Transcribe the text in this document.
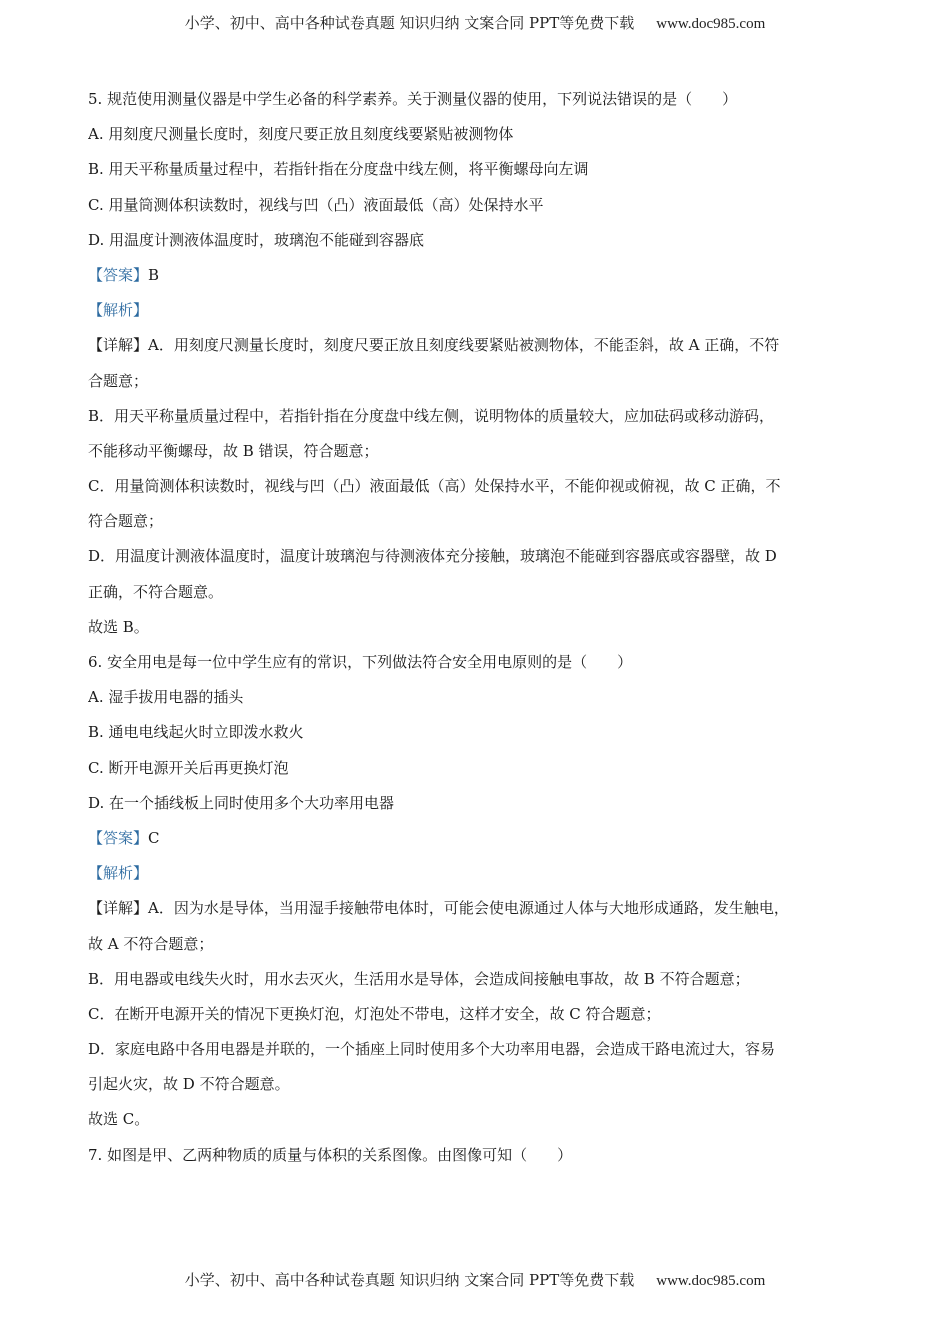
小学、初中、高中各种试卷真题 知识归纳 文案合同 PPT等免费下载 www.doc985.com
5. 规范使用测量仪器是中学生必备的科学素养。关于测量仪器的使用，下列说法错误的是（　　）
A. 用刻度尺测量长度时，刻度尺要正放且刻度线要紧贴被测物体
B. 用天平称量质量过程中，若指针指在分度盘中线左侧，将平衡螺母向左调
C. 用量筒测体积读数时，视线与凹（凸）液面最低（高）处保持水平
D. 用温度计测液体温度时，玻璃泡不能碰到容器底
【答案】B
【解析】
【详解】A．用刻度尺测量长度时，刻度尺要正放且刻度线要紧贴被测物体，不能歪斜，故 A 正确，不符
合题意；
B．用天平称量质量过程中，若指针指在分度盘中线左侧，说明物体的质量较大，应加砝码或移动游码，
不能移动平衡螺母，故 B 错误，符合题意；
C．用量筒测体积读数时，视线与凹（凸）液面最低（高）处保持水平，不能仰视或俯视，故 C 正确，不
符合题意；
D．用温度计测液体温度时，温度计玻璃泡与待测液体充分接触，玻璃泡不能碰到容器底或容器壁，故 D
正确，不符合题意。
故选 B。
6. 安全用电是每一位中学生应有的常识，下列做法符合安全用电原则的是（　　）
A. 湿手拔用电器的插头
B. 通电电线起火时立即泼水救火
C. 断开电源开关后再更换灯泡
D. 在一个插线板上同时使用多个大功率用电器
【答案】C
【解析】
【详解】A．因为水是导体，当用湿手接触带电体时，可能会使电源通过人体与大地形成通路，发生触电，
故 A 不符合题意；
B．用电器或电线失火时，用水去灭火，生活用水是导体，会造成间接触电事故，故 B 不符合题意；
C．在断开电源开关的情况下更换灯泡，灯泡处不带电，这样才安全，故 C 符合题意；
D．家庭电路中各用电器是并联的，一个插座上同时使用多个大功率用电器，会造成干路电流过大，容易
引起火灾，故 D 不符合题意。
故选 C。
7. 如图是甲、乙两种物质的质量与体积的关系图像。由图像可知（　　）
小学、初中、高中各种试卷真题 知识归纳 文案合同 PPT等免费下载 www.doc985.com
